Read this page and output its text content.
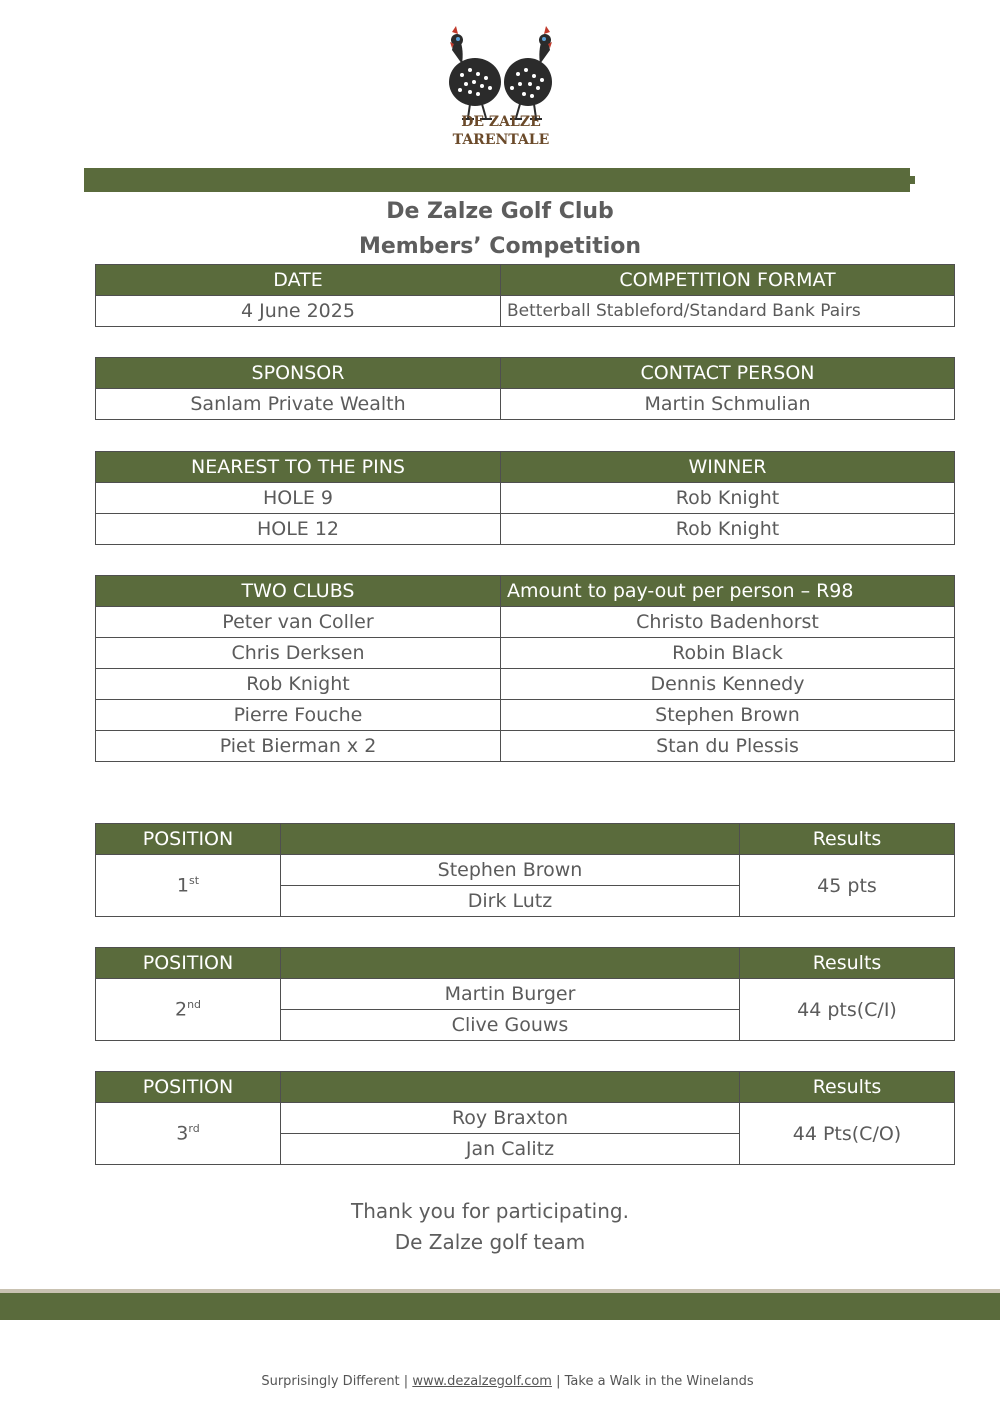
DE ZALZE
TARENTALE
De Zalze Golf Club
Members’ Competition
DATE	COMPETITION FORMAT
4 June 2025	Betterball Stableford/Standard Bank Pairs
SPONSOR	CONTACT PERSON
Sanlam Private Wealth	Martin Schmulian
NEAREST TO THE PINS	WINNER
HOLE 9	Rob Knight
HOLE 12	Rob Knight
TWO CLUBS	Amount to pay-out per person – R98
Peter van Coller	Christo Badenhorst
Chris Derksen	Robin Black
Rob Knight	Dennis Kennedy
Pierre Fouche	Stephen Brown
Piet Bierman x 2	Stan du Plessis
POSITION		Results
1st	Stephen Brown	45 pts
	Dirk Lutz	
POSITION		Results
2nd	Martin Burger	44 pts(C/I)
	Clive Gouws	
POSITION		Results
3rd	Roy Braxton	44 Pts(C/O)
	Jan Calitz	
Thank you for participating.
De Zalze golf team
Surprisingly Different | www.dezalzegolf.com | Take a Walk in the Winelands
